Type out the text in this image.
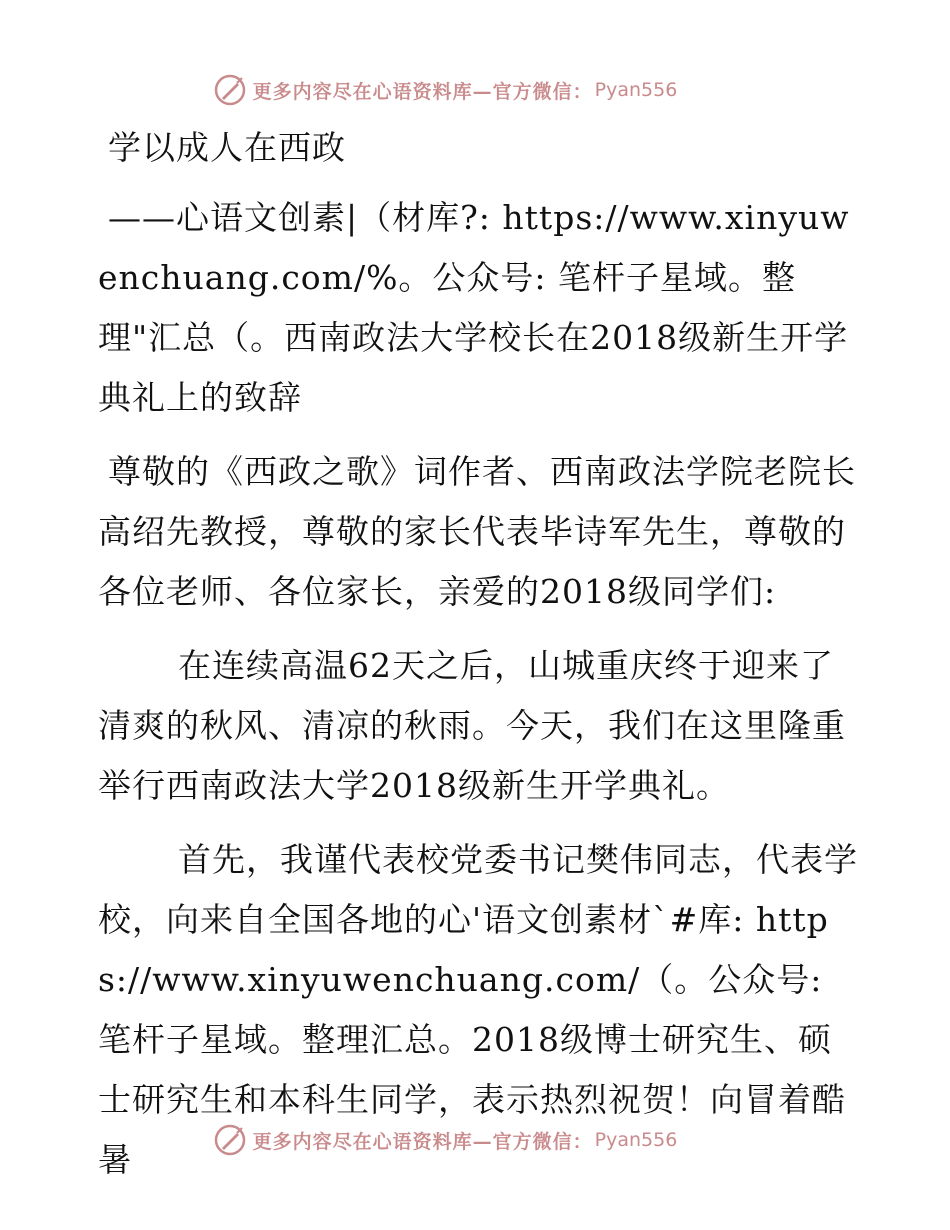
更多内容尽在心语资料库—官方微信： Pyan556

学以成人在西政

——心语文创素|（材库?: https://www.xinyuwenchuang.com/%。公众号: 笔杆子星域。整理"汇总（。西南政法大学校长在2018级新生开学典礼上的致辞

尊敬的《西政之歌》词作者、西南政法学院老院长高绍先教授，尊敬的家长代表毕诗军先生，尊敬的各位老师、各位家长，亲爱的2018级同学们:

在连续高温62天之后，山城重庆终于迎来了清爽的秋风、清凉的秋雨。今天，我们在这里隆重举行西南政法大学2018级新生开学典礼。

首先，我谨代表校党委书记樊伟同志，代表学校，向来自全国各地的心'语文创素材`#库: https://www.xinyuwenchuang.com/（。公众号: 笔杆子星域。整理汇总。2018级博士研究生、硕士研究生和本科生同学，表示热烈祝贺！向冒着酷暑	更多内容尽在心语资料库—官方微信： Pyan556
